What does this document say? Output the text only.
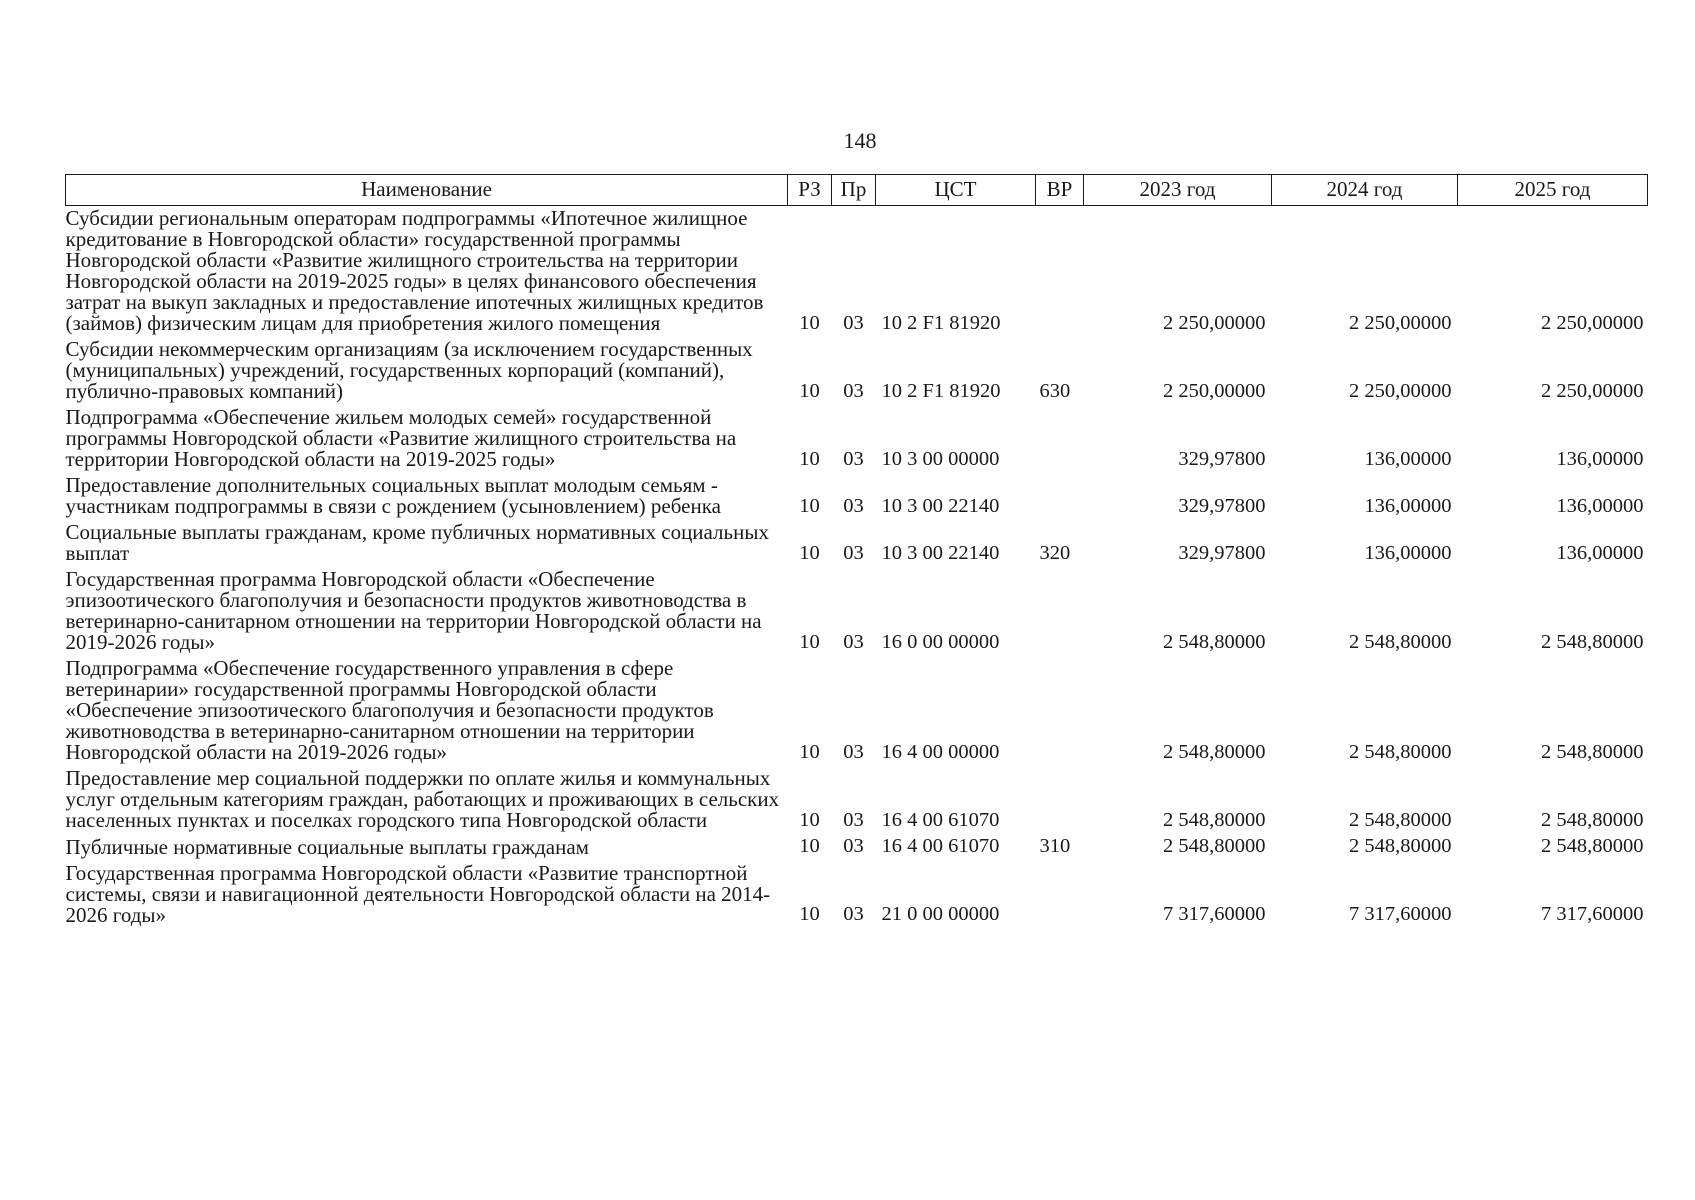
148
Наименование	РЗ	Пр	ЦСТ	ВР	2023 год	2024 год	2025 год
Субсидии региональным операторам подпрограммы «Ипотечное жилищное кредитование в Новгородской области» государственной программы Новгородской области «Развитие жилищного строительства на территории Новгородской области на 2019-2025 годы» в целях финансового обеспечения затрат на выкуп закладных и предоставление ипотечных жилищных кредитов (займов) физическим лицам для приобретения жилого помещения	10	03	10 2 F1 81920		2 250,00000	2 250,00000	2 250,00000
Субсидии некоммерческим организациям (за исключением государственных (муниципальных) учреждений, государственных корпораций (компаний), публично-правовых компаний)	10	03	10 2 F1 81920	630	2 250,00000	2 250,00000	2 250,00000
Подпрограмма «Обеспечение жильем молодых семей» государственной программы Новгородской области «Развитие жилищного строительства на территории Новгородской области на 2019-2025 годы»	10	03	10 3 00 00000		329,97800	136,00000	136,00000
Предоставление дополнительных социальных выплат молодым семьям - участникам подпрограммы в связи с рождением (усыновлением) ребенка	10	03	10 3 00 22140		329,97800	136,00000	136,00000
Социальные выплаты гражданам, кроме публичных нормативных социальных выплат	10	03	10 3 00 22140	320	329,97800	136,00000	136,00000
Государственная программа Новгородской области «Обеспечение эпизоотического благополучия и безопасности продуктов животноводства в ветеринарно-санитарном отношении на территории Новгородской области на 2019-2026 годы»	10	03	16 0 00 00000		2 548,80000	2 548,80000	2 548,80000
Подпрограмма «Обеспечение государственного управления в сфере ветеринарии» государственной программы Новгородской области «Обеспечение эпизоотического благополучия и безопасности продуктов животноводства в ветеринарно-санитарном отношении на территории Новгородской области на 2019-2026 годы»	10	03	16 4 00 00000		2 548,80000	2 548,80000	2 548,80000
Предоставление мер социальной поддержки по оплате жилья и коммунальных услуг отдельным категориям граждан, работающих и проживающих в сельских населенных пунктах и поселках городского типа Новгородской области	10	03	16 4 00 61070		2 548,80000	2 548,80000	2 548,80000
Публичные нормативные социальные выплаты гражданам	10	03	16 4 00 61070	310	2 548,80000	2 548,80000	2 548,80000
Государственная программа Новгородской области «Развитие транспортной системы, связи и навигационной деятельности Новгородской области на 2014-2026 годы»	10	03	21 0 00 00000		7 317,60000	7 317,60000	7 317,60000
